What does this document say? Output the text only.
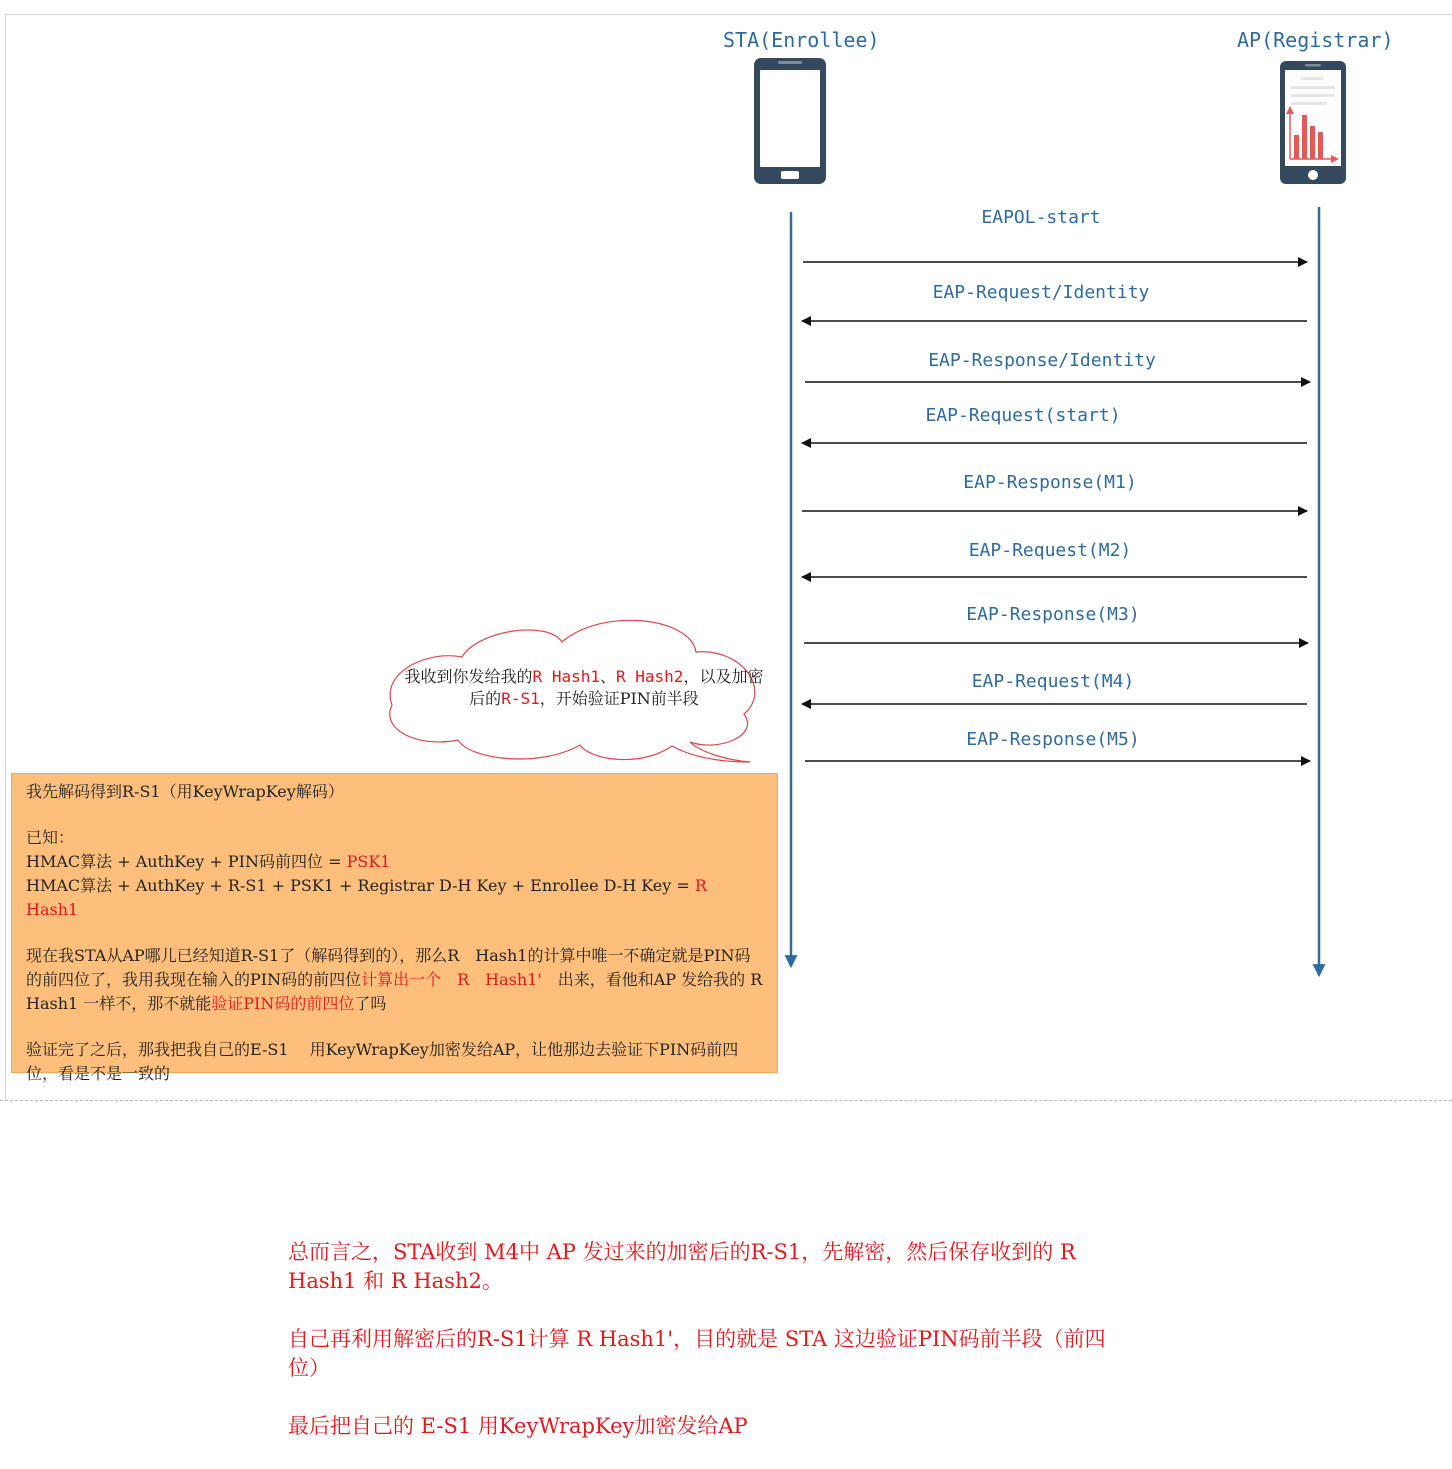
STA(Enrollee)	AP(Registrar)
EAPOL-start
EAP-Request/Identity
EAP-Response/Identity
EAP-Request(start)
EAP-Response(M1)
EAP-Request(M2)
EAP-Response(M3)
EAP-Request(M4)
EAP-Response(M5)
我收到你发给我的R Hash1、R Hash2，以及加密后的R-S1，开始验证PIN前半段

我先解码得到R-S1（用KeyWrapKey解码）

已知：

HMAC算法 + AuthKey + PIN码前四位 = PSK1

HMAC算法 + AuthKey + R-S1 + PSK1 + Registrar D-H Key + Enrollee D-H Key = R Hash1

现在我STA从AP哪儿已经知道R-S1了（解码得到的），那么R　Hash1的计算中唯一不确定就是PIN码的前四位了，我用我现在输入的PIN码的前四位计算出一个　R　Hash1'　出来，看他和AP 发给我的 R Hash1 一样不，那不就能验证PIN码的前四位了吗

验证完了之后，那我把我自己的E-S1　 用KeyWrapKey加密发给AP，让他那边去验证下PIN码前四位，看是不是一致的

总而言之，STA收到 M4中 AP 发过来的加密后的R-S1，先解密，然后保存收到的 R Hash1 和 R Hash2。

自己再利用解密后的R-S1计算 R Hash1'，目的就是 STA 这边验证PIN码前半段（前四位）

最后把自己的 E-S1 用KeyWrapKey加密发给AP
